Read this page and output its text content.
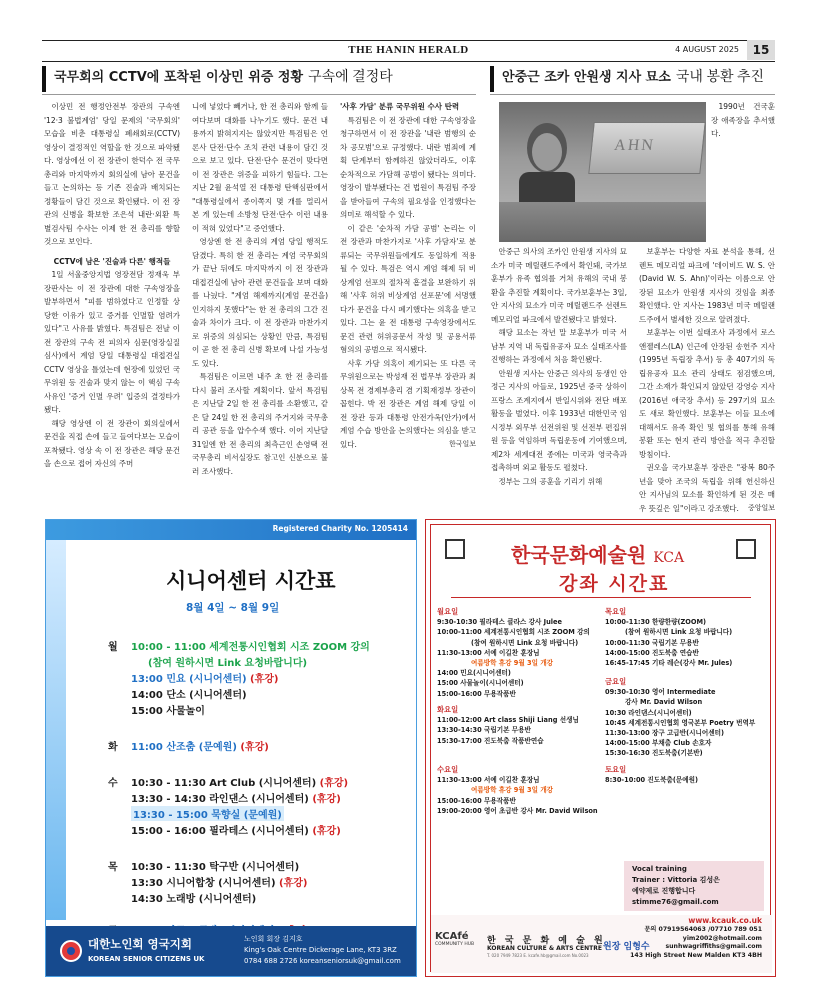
THE HANIN HERALD	4 AUGUST 2025	15
국무회의 CCTV에 포착된 이상민 위증 정황 구속에 결정타

이상민 전 행정안전부 장관의 구속엔 '12·3 불법계엄' 당일 문제의 '국무회의' 모습을 비춘 대통령실 폐쇄회로(CCTV) 영상이 결정적인 역할을 한 것으로 파악됐다. 영상에선 이 전 장관이 한덕수 전 국무총리와 마지막까지 회의실에 남아 문건을 들고 논의하는 등 기존 진술과 배치되는 정황들이 담긴 것으로 확인됐다. 이 전 장관의 신병을 확보한 조은석 내란·외환 특별검사팀 수사는 이제 한 전 총리를 향할 것으로 보인다.

CCTV에 남은 '진술과 다른' 행적들

1일 서울중앙지법 영장전담 정재욱 부장판사는 이 전 장관에 대한 구속영장을 발부하면서 "피를 범하였다고 인정할 상당한 이유가 있고 증거를 인멸할 염려가 있다"고 사유를 밝혔다. 특검팀은 전날 이 전 장관의 구속 전 피의자 심문(영장실질심사)에서 계엄 당일 대통령실 대접견실 CCTV 영상을 틀었는데 현장에 있었던 국무위원 등 진술과 맞지 않는 이 핵심 구속사유인 '증거 인멸 우려' 입증의 결정타가 됐다.

해당 영상엔 이 전 장관이 회의실에서 문건을 직접 손에 들고 들여다보는 모습이 포착됐다. 영상 속 이 전 장관은 해당 문건을 손으로 접어 자신의 주머

니에 넣었다 빼거나, 한 전 총리와 함께 들여다보며 대화를 나누기도 했다. 문건 내용까지 밝혀지지는 않았지만 특검팀은 언론사 단전·단수 조치 관련 내용이 담긴 것으로 보고 있다. 단전·단수 문건이 맞다면 이 전 장관은 위증을 피하기 힘들다. 그는 지난 2월 윤석열 전 대통령 탄핵심판에서 "대통령실에서 종이쪽지 몇 개를 멀리서 본 게 있는데 소방청 단전·단수 이런 내용이 적혀 있었다"고 증언했다.

영상엔 한 전 총리의 계엄 당일 행적도 담겼다. 특히 한 전 총리는 계엄 국무회의가 끝난 뒤에도 마지막까지 이 전 장관과 대접견실에 남아 관련 문건들을 보며 대화를 나눴다. "계엄 해제까지(계엄 문건을) 인지하지 못했다"는 한 전 총리의 그간 진술과 차이가 크다. 이 전 장관과 마찬가지로 위증의 의심되는 상황인 만큼, 특검팀이 곧 한 전 총리 신병 확보에 나설 가능성도 있다.

특검팀은 이르면 내주 초 한 전 총리를 다시 불러 조사할 계획이다. 앞서 특검팀은 지난달 2일 한 전 총리를 소환했고, 같은 달 24일 한 전 총리의 주거지와 국무총리 공관 등을 압수수색 했다. 이어 지난달 31일엔 한 전 총리의 최측근인 손영택 전 국무총리 비서실장도 참고인 신분으로 불러 조사했다.

'사후 가담' 분류 국무위원 수사 탄력

특검팀은 이 전 장관에 대한 구속영장을 청구하면서 이 전 장관을 '내란 범행의 순차 공모범'으로 규정했다. 내란 범죄에 계획 단계부터 함께하진 않았더라도, 이후 순차적으로 가담해 공범이 됐다는 의미다. 영장이 발부됐다는 건 법원이 특검팀 주장을 받아들여 구속의 필요성을 인정했다는 의미로 해석할 수 있다.

이 같은 '순차적 가담 공범' 논리는 이 전 장관과 마찬가지로 '사후 가담자'로 분류되는 국무위원들에게도 동일하게 적용될 수 있다. 특검은 역시 계엄 해제 뒤 비상계엄 선포의 절차적 흠결을 보완하기 위해 '사후 허위 비상계엄 선포문'에 서명했다가 문건을 다시 폐기했다는 의혹을 받고 있다. 그는 윤 전 대통령 구속영장에서도 문건 관련 허위공문서 작성 및 공용서류 혐의의 공범으로 적시됐다.

사후 가담 의혹이 제기되는 또 다른 국무위원으로는 박성재 전 법무부 장관과 최상목 전 경제부총리 겸 기획재정부 장관이 꼽힌다. 박 전 장관은 계엄 해제 당일 이 전 장관 등과 대통령 안전가옥(안가)에서 계엄 수습 방안을 논의했다는 의심을 받고 있다.	한국일보

안중근 조카 안원생 지사 묘소 국내 봉환 추진
AHN

안중근 의사의 조카인 안원생 지사의 묘소가 미국 메릴랜드주에서 확인돼, 국가보훈부가 유족 협의를 거쳐 유해의 국내 봉환을 추진할 계획이다. 국가보훈부는 3일, 안 지사의 묘소가 미국 메릴랜드주 선렌트 메모리얼 파크에서 발견됐다고 밝혔다.

해당 묘소는 작년 말 보훈부가 미국 서남부 지역 내 독립유공자 묘소 실태조사를 진행하는 과정에서 처음 확인됐다.

안원생 지사는 안중근 의사의 동생인 안정근 지사의 아들로, 1925년 중국 상하이 프랑스 조계지에서 반일시위와 전단 배포 활동을 벌였다. 이후 1933년 대한민국 임시정부 외무부 선전위원 및 선전부 편집위원 등을 역임하며 독립운동에 기여했으며, 제2차 세계대전 종에는 미국과 영국측과 접촉하며 외교 활동도 펼쳤다.

정부는 그의 공훈을 기리기 위해

1990년 건국훈장 애족장을 추서했다.

보훈부는 다양한 자료 분석을 통해, 선렌트 메모리얼 파크에 '데이비드 W. S. 안(David W. S. Ahn)'이라는 이름으로 안장된 묘소가 안원생 지사의 것임을 최종 확인했다. 안 지사는 1983년 미국 메릴랜드주에서 별세한 것으로 알려졌다.

보훈부는 이번 실태조사 과정에서 로스앤젤레스(LA) 인근에 안장된 송헌주 지사(1995년 독립장 추서) 등 총 407기의 독립유공자 묘소 관리 상태도 점검했으며, 그간 소재가 확인되지 않았던 강영승 지사(2016년 애국장 추서) 등 297기의 묘소도 새로 확인했다. 보훈부는 이들 묘소에 대해서도 유족 확인 및 협의를 통해 유해 봉환 또는 현지 관리 방안을 적극 추진할 방침이다.

권오을 국가보훈부 장관은 "광복 80주년을 맞아 조국의 독립을 위해 헌신하신 안 지사님의 묘소를 확인하게 된 것은 매우 뜻깊은 일"이라고 강조했다.	중앙일보

Registered Charity No. 1205414
시니어센터 시간표
8월 4일 ~ 8월 9일
월 10:00 - 11:00 세계전통시인협회 시조 ZOOM 강의
(참여 원하시면 Link 요청바랍니다)
13:00 민요 (시니어센터) (휴강)
14:00 단소 (시니어센터)
15:00 사물놀이
화 11:00 산조춤 (문예원) (휴강)
수 10:30 - 11:30 Art Club (시니어센터) (휴강)
13:30 - 14:30 라인댄스 (시니어센터) (휴강)
13:30 - 15:00 묵향실 (문예원)
15:00 - 16:00 필라테스 (시니어센터) (휴강)
목 10:30 - 11:30 탁구반 (시니어센터)
13:30 시니어합창 (시니어센터) (휴강)
14:30 노래방 (시니어센터)
대한노인회 영국지회
KOREAN SENIOR CITIZENS UK
노인회 회장 김지호
King's Oak Centre Dickerage Lane, KT3 3RZ
0784 688 2726 koreanseniorsuk@gmail.com
한국문화예술원 KCA
강좌 시간표
월요일
9:30-10:30 필라테스 클라스 강사 Julee
10:00-11:00 세계전통시인협회 시조 ZOOM 강의
(참여 원하시면 Link 요청 바랍니다)
11:30-13:00 서예 이길찬 훈장님
여름방학 휴강 9월 3일 개강
14:00 민요(시니어센터)
15:00 사물놀이(시니어센터)
15:00-16:00 무용작품반
화요일
11:00-12:00 Art class Shiji Liang 선생님
13:30-14:30 국립기본 무용반
15:30-17:00 진도북춤 작품반연습
수요일
11:30-13:00 서예 이길찬 훈장님
여름방학 휴강 9월 3일 개강
15:00-16:00 무용작품반
19:00-20:00 영어 초급반 강사 Mr. David Wilson
목요일
10:00-11:30 한량한량(ZOOM)
(참여 원하시면 Link 요청 바랍니다)
10:00-11:30 국립기본 무용반
14:00-15:00 진도북춤 연습반
16:45-17:45 기타 레슨(강사 Mr. Jules)
금요일
09:30-10:30 영어 Intermediate
강사 Mr. David Wilson
10:30 라인댄스(시니어센터)
10:45 세계전통시인협회 영국본부 Poetry 번역부
11:30-13:00 장구 고급반(시니어센터)
14:00-15:00 부채춤 Club 손호자
15:30-16:30 진도북춤(기본반)
토요일
8:30-10:00 진도북춤(문예원)
Vocal training
Trainer : Vittoria 김성은
예약제로 진행합니다
stimme76@gmail.com
KCAfé
COMMUNITY HUB	한 국 문 화 예 술 원
KOREAN CULTURE & ARTS CENTRE
T. 020 7949 7823 E. kcafe.hb@gmail.com No.0023
원장 임형수
www.kcauk.co.uk
문의 07919564063 /07710 789 051
yim2002@hotmail.com
sunhwagriffiths@gmail.com
143 High Street New Malden KT3 4BH
